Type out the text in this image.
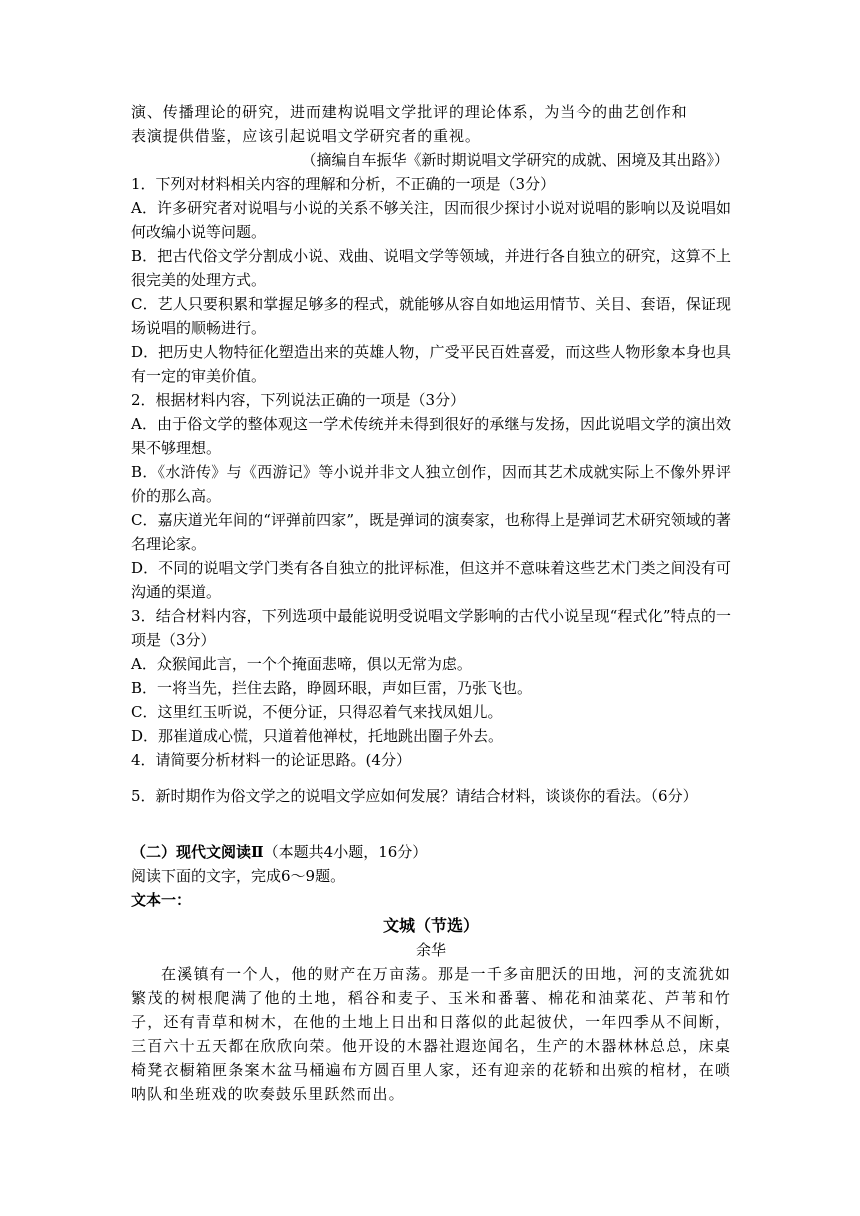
演、传播理论的研究，进而建构说唱文学批评的理论体系，为当今的曲艺创作和
表演提供借鉴，应该引起说唱文学研究者的重视。
（摘编自车振华《新时期说唱文学研究的成就、困境及其出路》）
1．下列对材料相关内容的理解和分析，不正确的一项是（3分）
A．许多研究者对说唱与小说的关系不够关注，因而很少探讨小说对说唱的影响以及说唱如何改编小说等问题。
B．把古代俗文学分割成小说、戏曲、说唱文学等领域，并进行各自独立的研究，这算不上很完美的处理方式。
C．艺人只要积累和掌握足够多的程式，就能够从容自如地运用情节、关目、套语，保证现场说唱的顺畅进行。
D．把历史人物特征化塑造出来的英雄人物，广受平民百姓喜爱，而这些人物形象本身也具有一定的审美价值。
2．根据材料内容，下列说法正确的一项是（3分）
A．由于俗文学的整体观这一学术传统并未得到很好的承继与发扬，因此说唱文学的演出效果不够理想。
B．《水浒传》与《西游记》等小说并非文人独立创作，因而其艺术成就实际上不像外界评价的那么高。
C．嘉庆道光年间的“评弹前四家”，既是弹词的演奏家，也称得上是弹词艺术研究领域的著名理论家。
D．不同的说唱文学门类有各自独立的批评标准，但这并不意味着这些艺术门类之间没有可沟通的渠道。
3．结合材料内容，下列选项中最能说明受说唱文学影响的古代小说呈现“程式化”特点的一项是（3分）
A．众猴闻此言，一个个掩面悲啼，俱以无常为虑。
B．一将当先，拦住去路，睁圆环眼，声如巨雷，乃张飞也。
C．这里红玉听说，不便分证，只得忍着气来找凤姐儿。
D．那崔道成心慌，只道着他禅杖，托地跳出圈子外去。
4．请简要分析材料一的论证思路。(4分）
5．新时期作为俗文学之的说唱文学应如何发展？请结合材料，谈谈你的看法。（6分）
（二）现代文阅读Ⅱ（本题共4小题，16分）
阅读下面的文字，完成6～9题。
文本一：
文城（节选）
余华
在溪镇有一个人，他的财产在万亩荡。那是一千多亩肥沃的田地，河的支流犹如繁茂的树根爬满了他的土地，稻谷和麦子、玉米和番薯、棉花和油菜花、芦苇和竹子，还有青草和树木，在他的土地上日出和日落似的此起彼伏，一年四季从不间断，三百六十五天都在欣欣向荣。他开设的木器社遐迩闻名，生产的木器林林总总，床桌椅凳衣橱箱匣条案木盆马桶遍布方圆百里人家，还有迎亲的花轿和出殡的棺材，在唢呐队和坐班戏的吹奏鼓乐里跃然而出。
